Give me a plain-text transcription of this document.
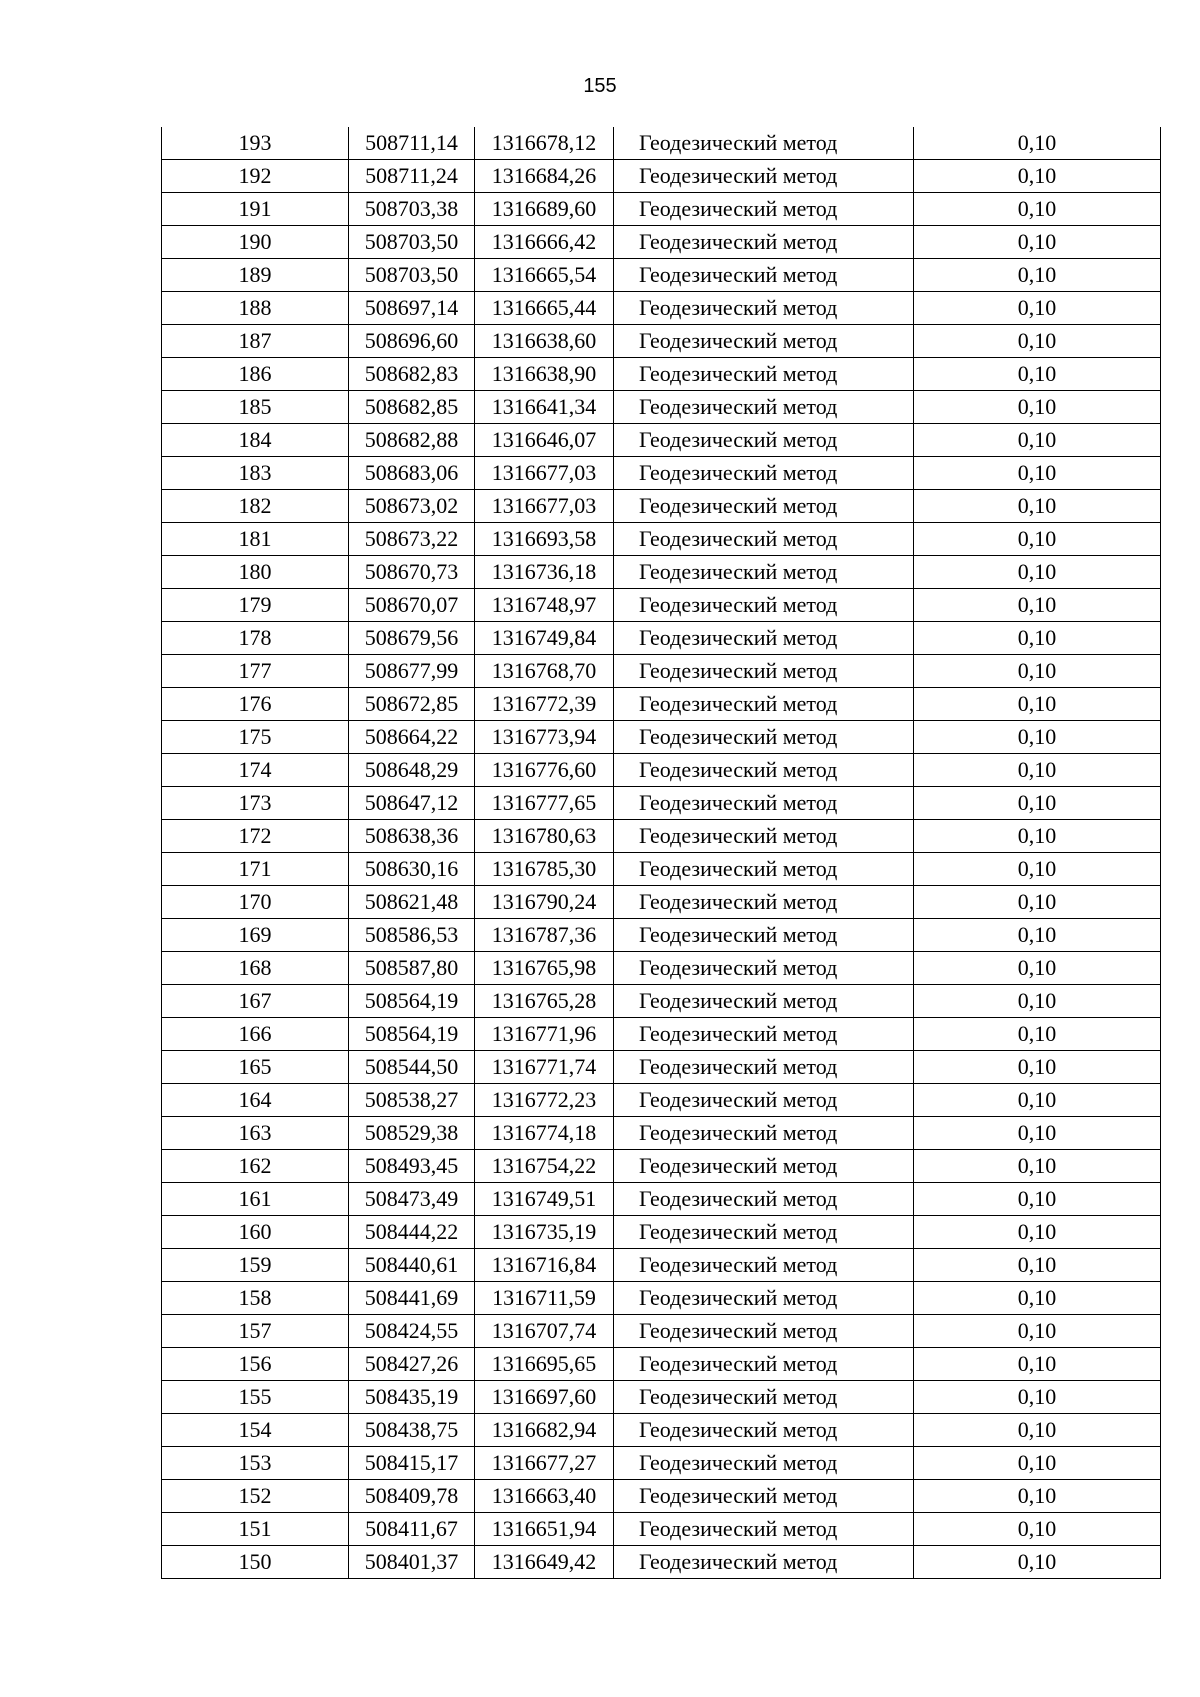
155
193	508711,14	1316678,12	Геодезический метод	0,10
192	508711,24	1316684,26	Геодезический метод	0,10
191	508703,38	1316689,60	Геодезический метод	0,10
190	508703,50	1316666,42	Геодезический метод	0,10
189	508703,50	1316665,54	Геодезический метод	0,10
188	508697,14	1316665,44	Геодезический метод	0,10
187	508696,60	1316638,60	Геодезический метод	0,10
186	508682,83	1316638,90	Геодезический метод	0,10
185	508682,85	1316641,34	Геодезический метод	0,10
184	508682,88	1316646,07	Геодезический метод	0,10
183	508683,06	1316677,03	Геодезический метод	0,10
182	508673,02	1316677,03	Геодезический метод	0,10
181	508673,22	1316693,58	Геодезический метод	0,10
180	508670,73	1316736,18	Геодезический метод	0,10
179	508670,07	1316748,97	Геодезический метод	0,10
178	508679,56	1316749,84	Геодезический метод	0,10
177	508677,99	1316768,70	Геодезический метод	0,10
176	508672,85	1316772,39	Геодезический метод	0,10
175	508664,22	1316773,94	Геодезический метод	0,10
174	508648,29	1316776,60	Геодезический метод	0,10
173	508647,12	1316777,65	Геодезический метод	0,10
172	508638,36	1316780,63	Геодезический метод	0,10
171	508630,16	1316785,30	Геодезический метод	0,10
170	508621,48	1316790,24	Геодезический метод	0,10
169	508586,53	1316787,36	Геодезический метод	0,10
168	508587,80	1316765,98	Геодезический метод	0,10
167	508564,19	1316765,28	Геодезический метод	0,10
166	508564,19	1316771,96	Геодезический метод	0,10
165	508544,50	1316771,74	Геодезический метод	0,10
164	508538,27	1316772,23	Геодезический метод	0,10
163	508529,38	1316774,18	Геодезический метод	0,10
162	508493,45	1316754,22	Геодезический метод	0,10
161	508473,49	1316749,51	Геодезический метод	0,10
160	508444,22	1316735,19	Геодезический метод	0,10
159	508440,61	1316716,84	Геодезический метод	0,10
158	508441,69	1316711,59	Геодезический метод	0,10
157	508424,55	1316707,74	Геодезический метод	0,10
156	508427,26	1316695,65	Геодезический метод	0,10
155	508435,19	1316697,60	Геодезический метод	0,10
154	508438,75	1316682,94	Геодезический метод	0,10
153	508415,17	1316677,27	Геодезический метод	0,10
152	508409,78	1316663,40	Геодезический метод	0,10
151	508411,67	1316651,94	Геодезический метод	0,10
150	508401,37	1316649,42	Геодезический метод	0,10
